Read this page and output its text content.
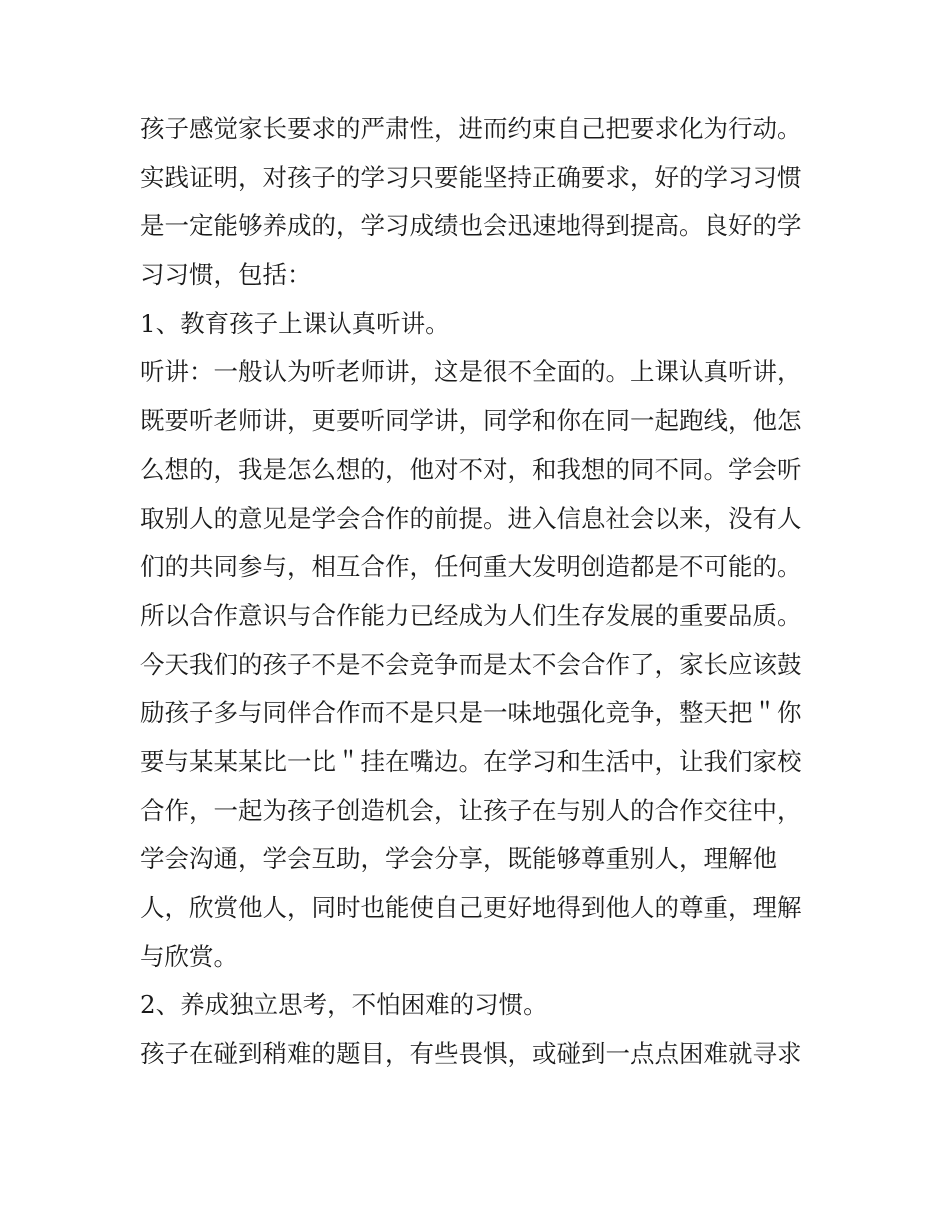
孩子感觉家长要求的严肃性，进而约束自己把要求化为行动。
实践证明，对孩子的学习只要能坚持正确要求，好的学习习惯
是一定能够养成的，学习成绩也会迅速地得到提高。良好的学
习习惯，包括：
1、教育孩子上课认真听讲。
听讲：一般认为听老师讲，这是很不全面的。上课认真听讲，
既要听老师讲，更要听同学讲，同学和你在同一起跑线，他怎
么想的，我是怎么想的，他对不对，和我想的同不同。学会听
取别人的意见是学会合作的前提。进入信息社会以来，没有人
们的共同参与，相互合作，任何重大发明创造都是不可能的。
所以合作意识与合作能力已经成为人们生存发展的重要品质。
今天我们的孩子不是不会竞争而是太不会合作了，家长应该鼓
励孩子多与同伴合作而不是只是一味地强化竞争，整天把＂你
要与某某某比一比＂挂在嘴边。在学习和生活中，让我们家校
合作，一起为孩子创造机会，让孩子在与别人的合作交往中，
学会沟通，学会互助，学会分享，既能够尊重别人，理解他
人，欣赏他人，同时也能使自己更好地得到他人的尊重，理解
与欣赏。
2、养成独立思考，不怕困难的习惯。
孩子在碰到稍难的题目，有些畏惧，或碰到一点点困难就寻求
